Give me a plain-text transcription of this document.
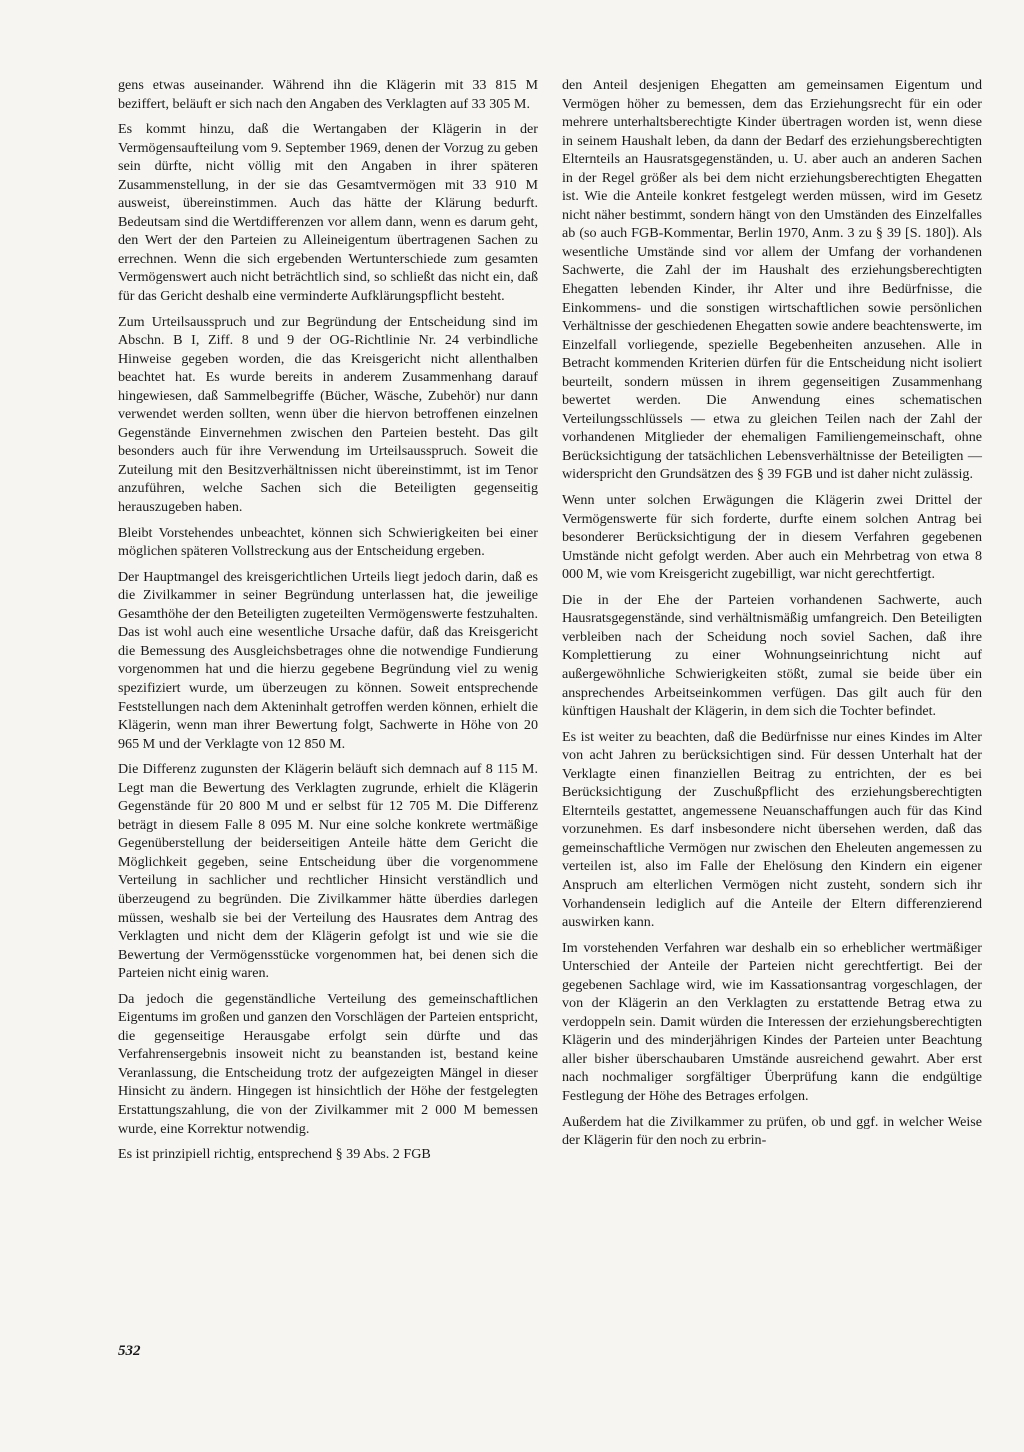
gens etwas auseinander. Während ihn die Klägerin mit 33 815 M beziffert, beläuft er sich nach den Angaben des Verklagten auf 33 305 M.

Es kommt hinzu, daß die Wertangaben der Klägerin in der Vermögensaufteilung vom 9. September 1969, denen der Vorzug zu geben sein dürfte, nicht völlig mit den Angaben in ihrer späteren Zusammenstellung, in der sie das Gesamtvermögen mit 33 910 M ausweist, übereinstimmen. Auch das hätte der Klärung bedurft. Bedeutsam sind die Wertdifferenzen vor allem dann, wenn es darum geht, den Wert der den Parteien zu Alleineigentum übertragenen Sachen zu errechnen. Wenn die sich ergebenden Wertunterschiede zum gesamten Vermögenswert auch nicht beträchtlich sind, so schließt das nicht ein, daß für das Gericht deshalb eine verminderte Aufklärungspflicht besteht.

Zum Urteilsausspruch und zur Begründung der Entscheidung sind im Abschn. B I, Ziff. 8 und 9 der OG-Richtlinie Nr. 24 verbindliche Hinweise gegeben worden, die das Kreisgericht nicht allenthalben beachtet hat. Es wurde bereits in anderem Zusammenhang darauf hingewiesen, daß Sammelbegriffe (Bücher, Wäsche, Zubehör) nur dann verwendet werden sollten, wenn über die hiervon betroffenen einzelnen Gegenstände Einvernehmen zwischen den Parteien besteht. Das gilt besonders auch für ihre Verwendung im Urteilsausspruch. Soweit die Zuteilung mit den Besitzverhältnissen nicht übereinstimmt, ist im Tenor anzuführen, welche Sachen sich die Beteiligten gegenseitig herauszugeben haben.

Bleibt Vorstehendes unbeachtet, können sich Schwierigkeiten bei einer möglichen späteren Vollstreckung aus der Entscheidung ergeben.

Der Hauptmangel des kreisgerichtlichen Urteils liegt jedoch darin, daß es die Zivilkammer in seiner Begründung unterlassen hat, die jeweilige Gesamthöhe der den Beteiligten zugeteilten Vermögenswerte festzuhalten. Das ist wohl auch eine wesentliche Ursache dafür, daß das Kreisgericht die Bemessung des Ausgleichsbetrages ohne die notwendige Fundierung vorgenommen hat und die hierzu gegebene Begründung viel zu wenig spezifiziert wurde, um überzeugen zu können. Soweit entsprechende Feststellungen nach dem Akteninhalt getroffen werden können, erhielt die Klägerin, wenn man ihrer Bewertung folgt, Sachwerte in Höhe von 20 965 M und der Verklagte von 12 850 M.

Die Differenz zugunsten der Klägerin beläuft sich demnach auf 8 115 M. Legt man die Bewertung des Verklagten zugrunde, erhielt die Klägerin Gegenstände für 20 800 M und er selbst für 12 705 M. Die Differenz beträgt in diesem Falle 8 095 M. Nur eine solche konkrete wertmäßige Gegenüberstellung der beiderseitigen Anteile hätte dem Gericht die Möglichkeit gegeben, seine Entscheidung über die vorgenommene Verteilung in sachlicher und rechtlicher Hinsicht verständlich und überzeugend zu begründen. Die Zivilkammer hätte überdies darlegen müssen, weshalb sie bei der Verteilung des Hausrates dem Antrag des Verklagten und nicht dem der Klägerin gefolgt ist und wie sie die Bewertung der Vermögensstücke vorgenommen hat, bei denen sich die Parteien nicht einig waren.

Da jedoch die gegenständliche Verteilung des gemeinschaftlichen Eigentums im großen und ganzen den Vorschlägen der Parteien entspricht, die gegenseitige Herausgabe erfolgt sein dürfte und das Verfahrensergebnis insoweit nicht zu beanstanden ist, bestand keine Veranlassung, die Entscheidung trotz der aufgezeigten Mängel in dieser Hinsicht zu ändern. Hingegen ist hinsichtlich der Höhe der festgelegten Erstattungszahlung, die von der Zivilkammer mit 2 000 M bemessen wurde, eine Korrektur notwendig.

Es ist prinzipiell richtig, entsprechend § 39 Abs. 2 FGB

den Anteil desjenigen Ehegatten am gemeinsamen Eigentum und Vermögen höher zu bemessen, dem das Erziehungsrecht für ein oder mehrere unterhaltsberechtigte Kinder übertragen worden ist, wenn diese in seinem Haushalt leben, da dann der Bedarf des erziehungsberechtigten Elternteils an Hausratsgegenständen, u. U. aber auch an anderen Sachen in der Regel größer als bei dem nicht erziehungsberechtigten Ehegatten ist. Wie die Anteile konkret festgelegt werden müssen, wird im Gesetz nicht näher bestimmt, sondern hängt von den Umständen des Einzelfalles ab (so auch FGB-Kommentar, Berlin 1970, Anm. 3 zu § 39 [S. 180]). Als wesentliche Umstände sind vor allem der Umfang der vorhandenen Sachwerte, die Zahl der im Haushalt des erziehungsberechtigten Ehegatten lebenden Kinder, ihr Alter und ihre Bedürfnisse, die Einkommens- und die sonstigen wirtschaftlichen sowie persönlichen Verhältnisse der geschiedenen Ehegatten sowie andere beachtenswerte, im Einzelfall vorliegende, spezielle Begebenheiten anzusehen. Alle in Betracht kommenden Kriterien dürfen für die Entscheidung nicht isoliert beurteilt, sondern müssen in ihrem gegenseitigen Zusammenhang bewertet werden. Die Anwendung eines schematischen Verteilungsschlüssels — etwa zu gleichen Teilen nach der Zahl der vorhandenen Mitglieder der ehemaligen Familiengemeinschaft, ohne Berücksichtigung der tatsächlichen Lebensverhältnisse der Beteiligten — widerspricht den Grundsätzen des § 39 FGB und ist daher nicht zulässig.

Wenn unter solchen Erwägungen die Klägerin zwei Drittel der Vermögenswerte für sich forderte, durfte einem solchen Antrag bei besonderer Berücksichtigung der in diesem Verfahren gegebenen Umstände nicht gefolgt werden. Aber auch ein Mehrbetrag von etwa 8 000 M, wie vom Kreisgericht zugebilligt, war nicht gerechtfertigt.

Die in der Ehe der Parteien vorhandenen Sachwerte, auch Hausratsgegenstände, sind verhältnismäßig umfangreich. Den Beteiligten verbleiben nach der Scheidung noch soviel Sachen, daß ihre Komplettierung zu einer Wohnungseinrichtung nicht auf außergewöhnliche Schwierigkeiten stößt, zumal sie beide über ein ansprechendes Arbeitseinkommen verfügen. Das gilt auch für den künftigen Haushalt der Klägerin, in dem sich die Tochter befindet.

Es ist weiter zu beachten, daß die Bedürfnisse nur eines Kindes im Alter von acht Jahren zu berücksichtigen sind. Für dessen Unterhalt hat der Verklagte einen finanziellen Beitrag zu entrichten, der es bei Berücksichtigung der Zuschußpflicht des erziehungsberechtigten Elternteils gestattet, angemessene Neuanschaffungen auch für das Kind vorzunehmen. Es darf insbesondere nicht übersehen werden, daß das gemeinschaftliche Vermögen nur zwischen den Eheleuten angemessen zu verteilen ist, also im Falle der Ehelösung den Kindern ein eigener Anspruch am elterlichen Vermögen nicht zusteht, sondern sich ihr Vorhandensein lediglich auf die Anteile der Eltern differenzierend auswirken kann.

Im vorstehenden Verfahren war deshalb ein so erheblicher wertmäßiger Unterschied der Anteile der Parteien nicht gerechtfertigt. Bei der gegebenen Sachlage wird, wie im Kassationsantrag vorgeschlagen, der von der Klägerin an den Verklagten zu erstattende Betrag etwa zu verdoppeln sein. Damit würden die Interessen der erziehungsberechtigten Klägerin und des minderjährigen Kindes der Parteien unter Beachtung aller bisher überschaubaren Umstände ausreichend gewahrt. Aber erst nach nochmaliger sorgfältiger Überprüfung kann die endgültige Festlegung der Höhe des Betrages erfolgen.

Außerdem hat die Zivilkammer zu prüfen, ob und ggf. in welcher Weise der Klägerin für den noch zu erbrin-

532
